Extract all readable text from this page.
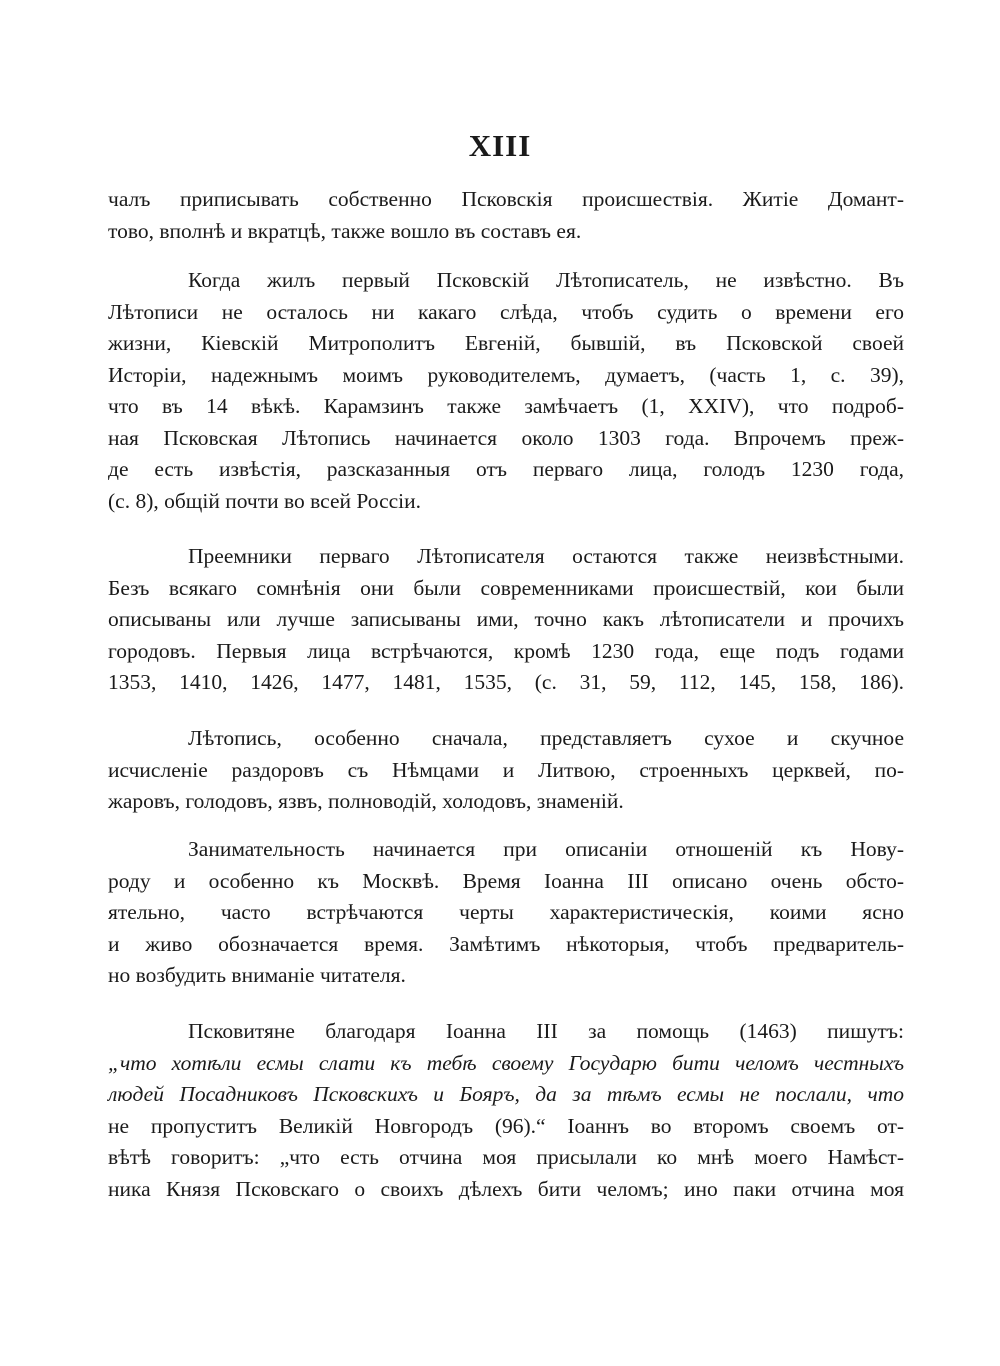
XIII
чалъ приписывать собственно Псковскія происшествія. Житіе Домант-
тово, вполнѣ и вкратцѣ, также вошло въ составъ ея.
Когда жилъ первый Псковскій Лѣтописатель, не извѣстно. Въ
Лѣтописи не осталось ни какаго слѣда, чтобъ судить о времени его
жизни, Кіевскій Митрополитъ Евгеній, бывшій, въ Псковской своей
Исторіи, надежнымъ моимъ руководителемъ, думаетъ, (часть 1, с. 39),
что въ 14 вѣкѣ. Карамзинъ также замѣчаетъ (1, XXIV), что подроб-
ная Псковская Лѣтопись начинается около 1303 года. Впрочемъ преж-
де есть извѣстія, разсказанныя отъ перваго лица, голодъ 1230 года,
(с. 8), общій почти во всей Россіи.
Преемники перваго Лѣтописателя остаются также неизвѣстными.
Безъ всякаго сомнѣнія они были современниками происшествій, кои были
описываны или лучше записываны ими, точно какъ лѣтописатели и прочихъ
городовъ. Первыя лица встрѣчаются, кромѣ 1230 года, еще подъ годами
1353, 1410, 1426, 1477, 1481, 1535, (с. 31, 59, 112, 145, 158, 186).
Лѣтопись, особенно сначала, представляетъ сухое и скучное
исчисленіе раздоровъ съ Нѣмцами и Литвою, строенныхъ церквей, по-
жаровъ, голодовъ, язвъ, полноводій, холодовъ, знаменій.
Занимательность начинается при описаніи отношеній къ Нову-
роду и особенно къ Москвѣ. Время Іоанна III описано очень обсто-
ятельно, часто встрѣчаются черты характеристическія, коими ясно
и живо обозначается время. Замѣтимъ нѣкоторыя, чтобъ предваритель-
но возбудить вниманіе читателя.
Псковитяне благодаря Іоанна III за помощь (1463) пишутъ:
„что хотѣли есмы слати къ тебѣ своему Государю бити челомъ честныхъ
людей Посадниковъ Псковскихъ и Бояръ, да за тѣмъ есмы не послали, что
не пропуститъ Великій Новгородъ (96).“ Іоаннъ во второмъ своемъ от-
вѣтѣ говоритъ: „что есть отчина моя присылали ко мнѣ моего Намѣст-
ника Князя Псковскаго о своихъ дѣлехъ бити челомъ; ино паки отчина моя
